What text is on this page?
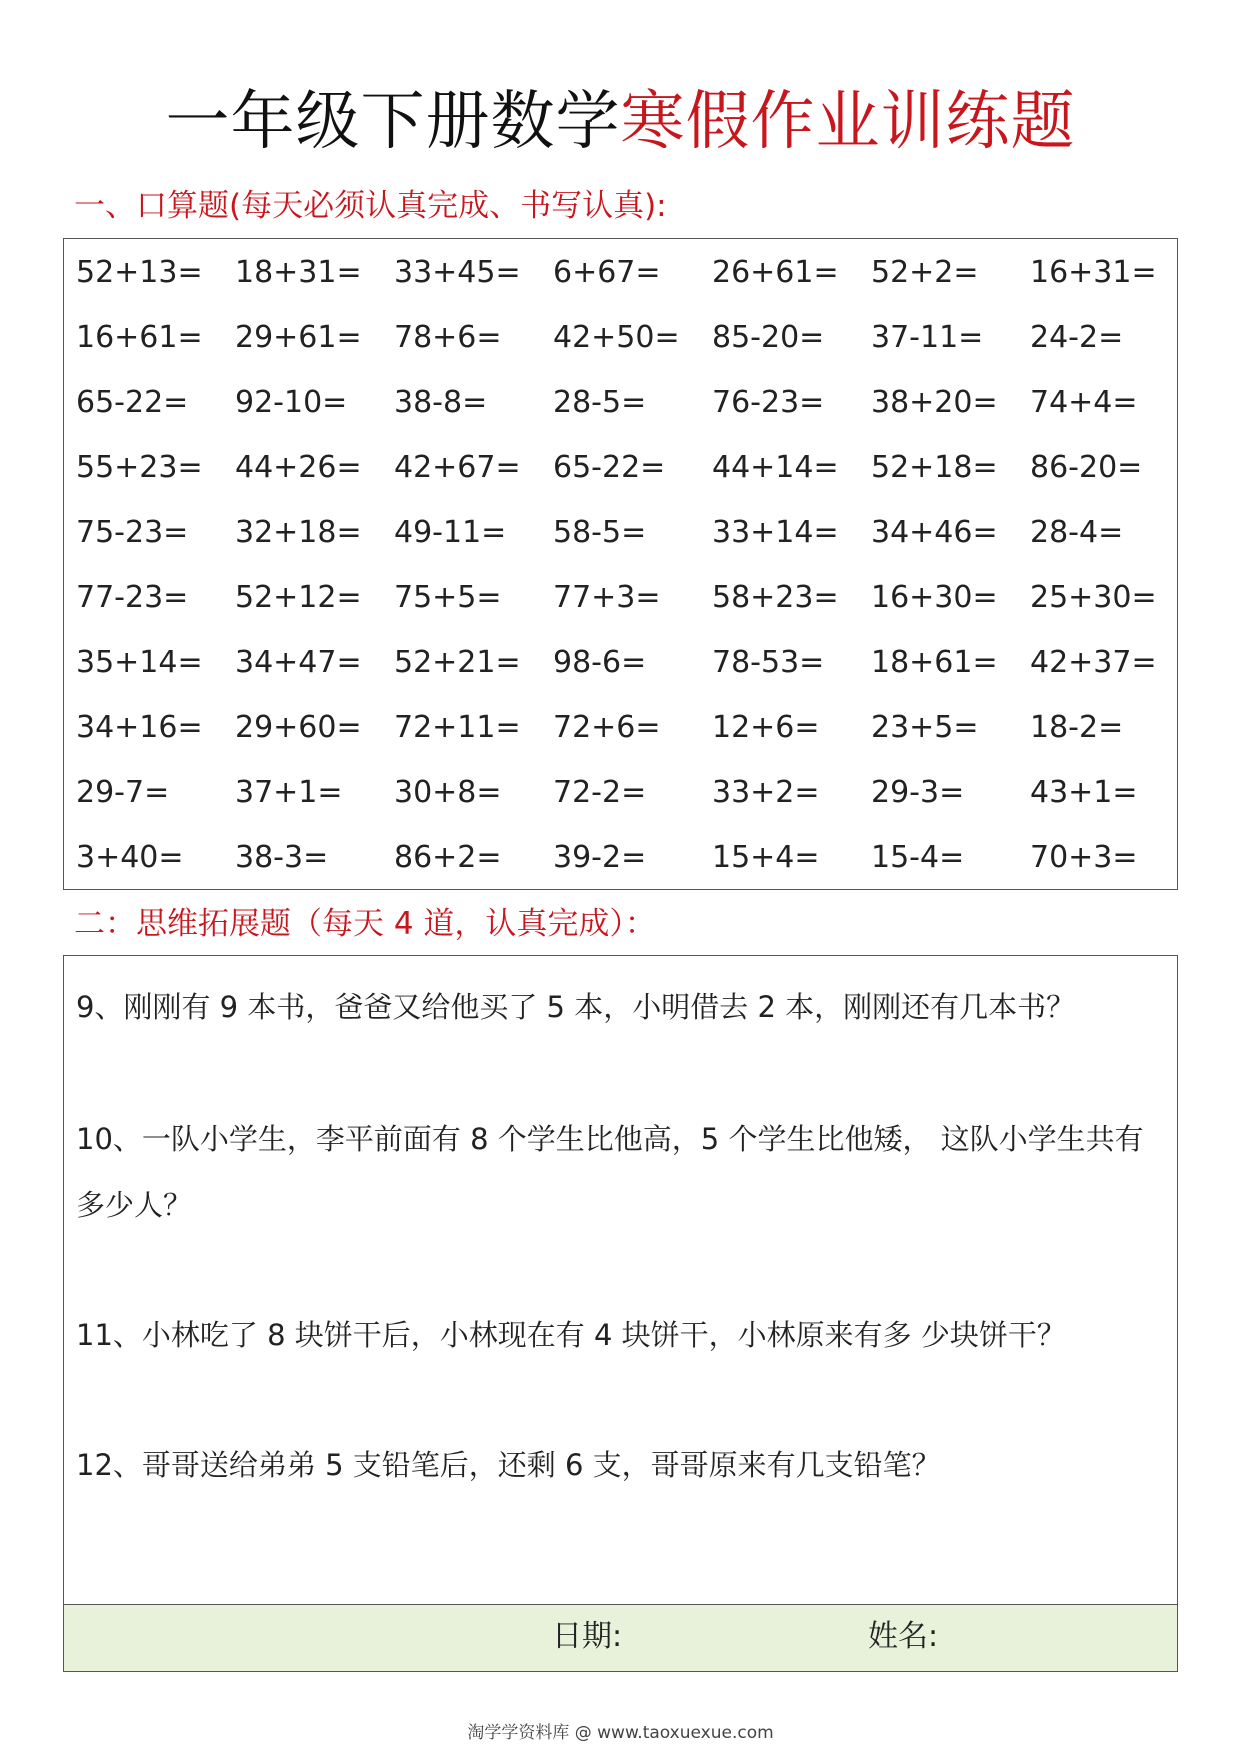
一年级下册数学寒假作业训练题
一、口算题(每天必须认真完成、书写认真):
52+13=	18+31=	33+45=	6+67=	26+61=	52+2=	16+31=
16+61=	29+61=	78+6=	42+50=	85-20=	37-11=	24-2=
65-22=	92-10=	38-8=	28-5=	76-23=	38+20=	74+4=
55+23=	44+26=	42+67=	65-22=	44+14=	52+18=	86-20=
75-23=	32+18=	49-11=	58-5=	33+14=	34+46=	28-4=
77-23=	52+12=	75+5=	77+3=	58+23=	16+30=	25+30=
35+14=	34+47=	52+21=	98-6=	78-53=	18+61=	42+37=
34+16=	29+60=	72+11=	72+6=	12+6=	23+5=	18-2=
29-7=	37+1=	30+8=	72-2=	33+2=	29-3=	43+1=
3+40=	38-3=	86+2=	39-2=	15+4=	15-4=	70+3=
二：思维拓展题（每天 4 道，认真完成）：
9、刚刚有 9 本书，爸爸又给他买了 5 本，小明借去 2 本，刚刚还有几本书？
10、一队小学生，李平前面有 8 个学生比他高，5 个学生比他矮， 这队小学生共有多少人？
11、小林吃了 8 块饼干后，小林现在有 4 块饼干，小林原来有多 少块饼干？
12、哥哥送给弟弟 5 支铅笔后，还剩 6 支，哥哥原来有几支铅笔？
日期:	姓名:
淘学学资料库 @ www.taoxuexue.com
